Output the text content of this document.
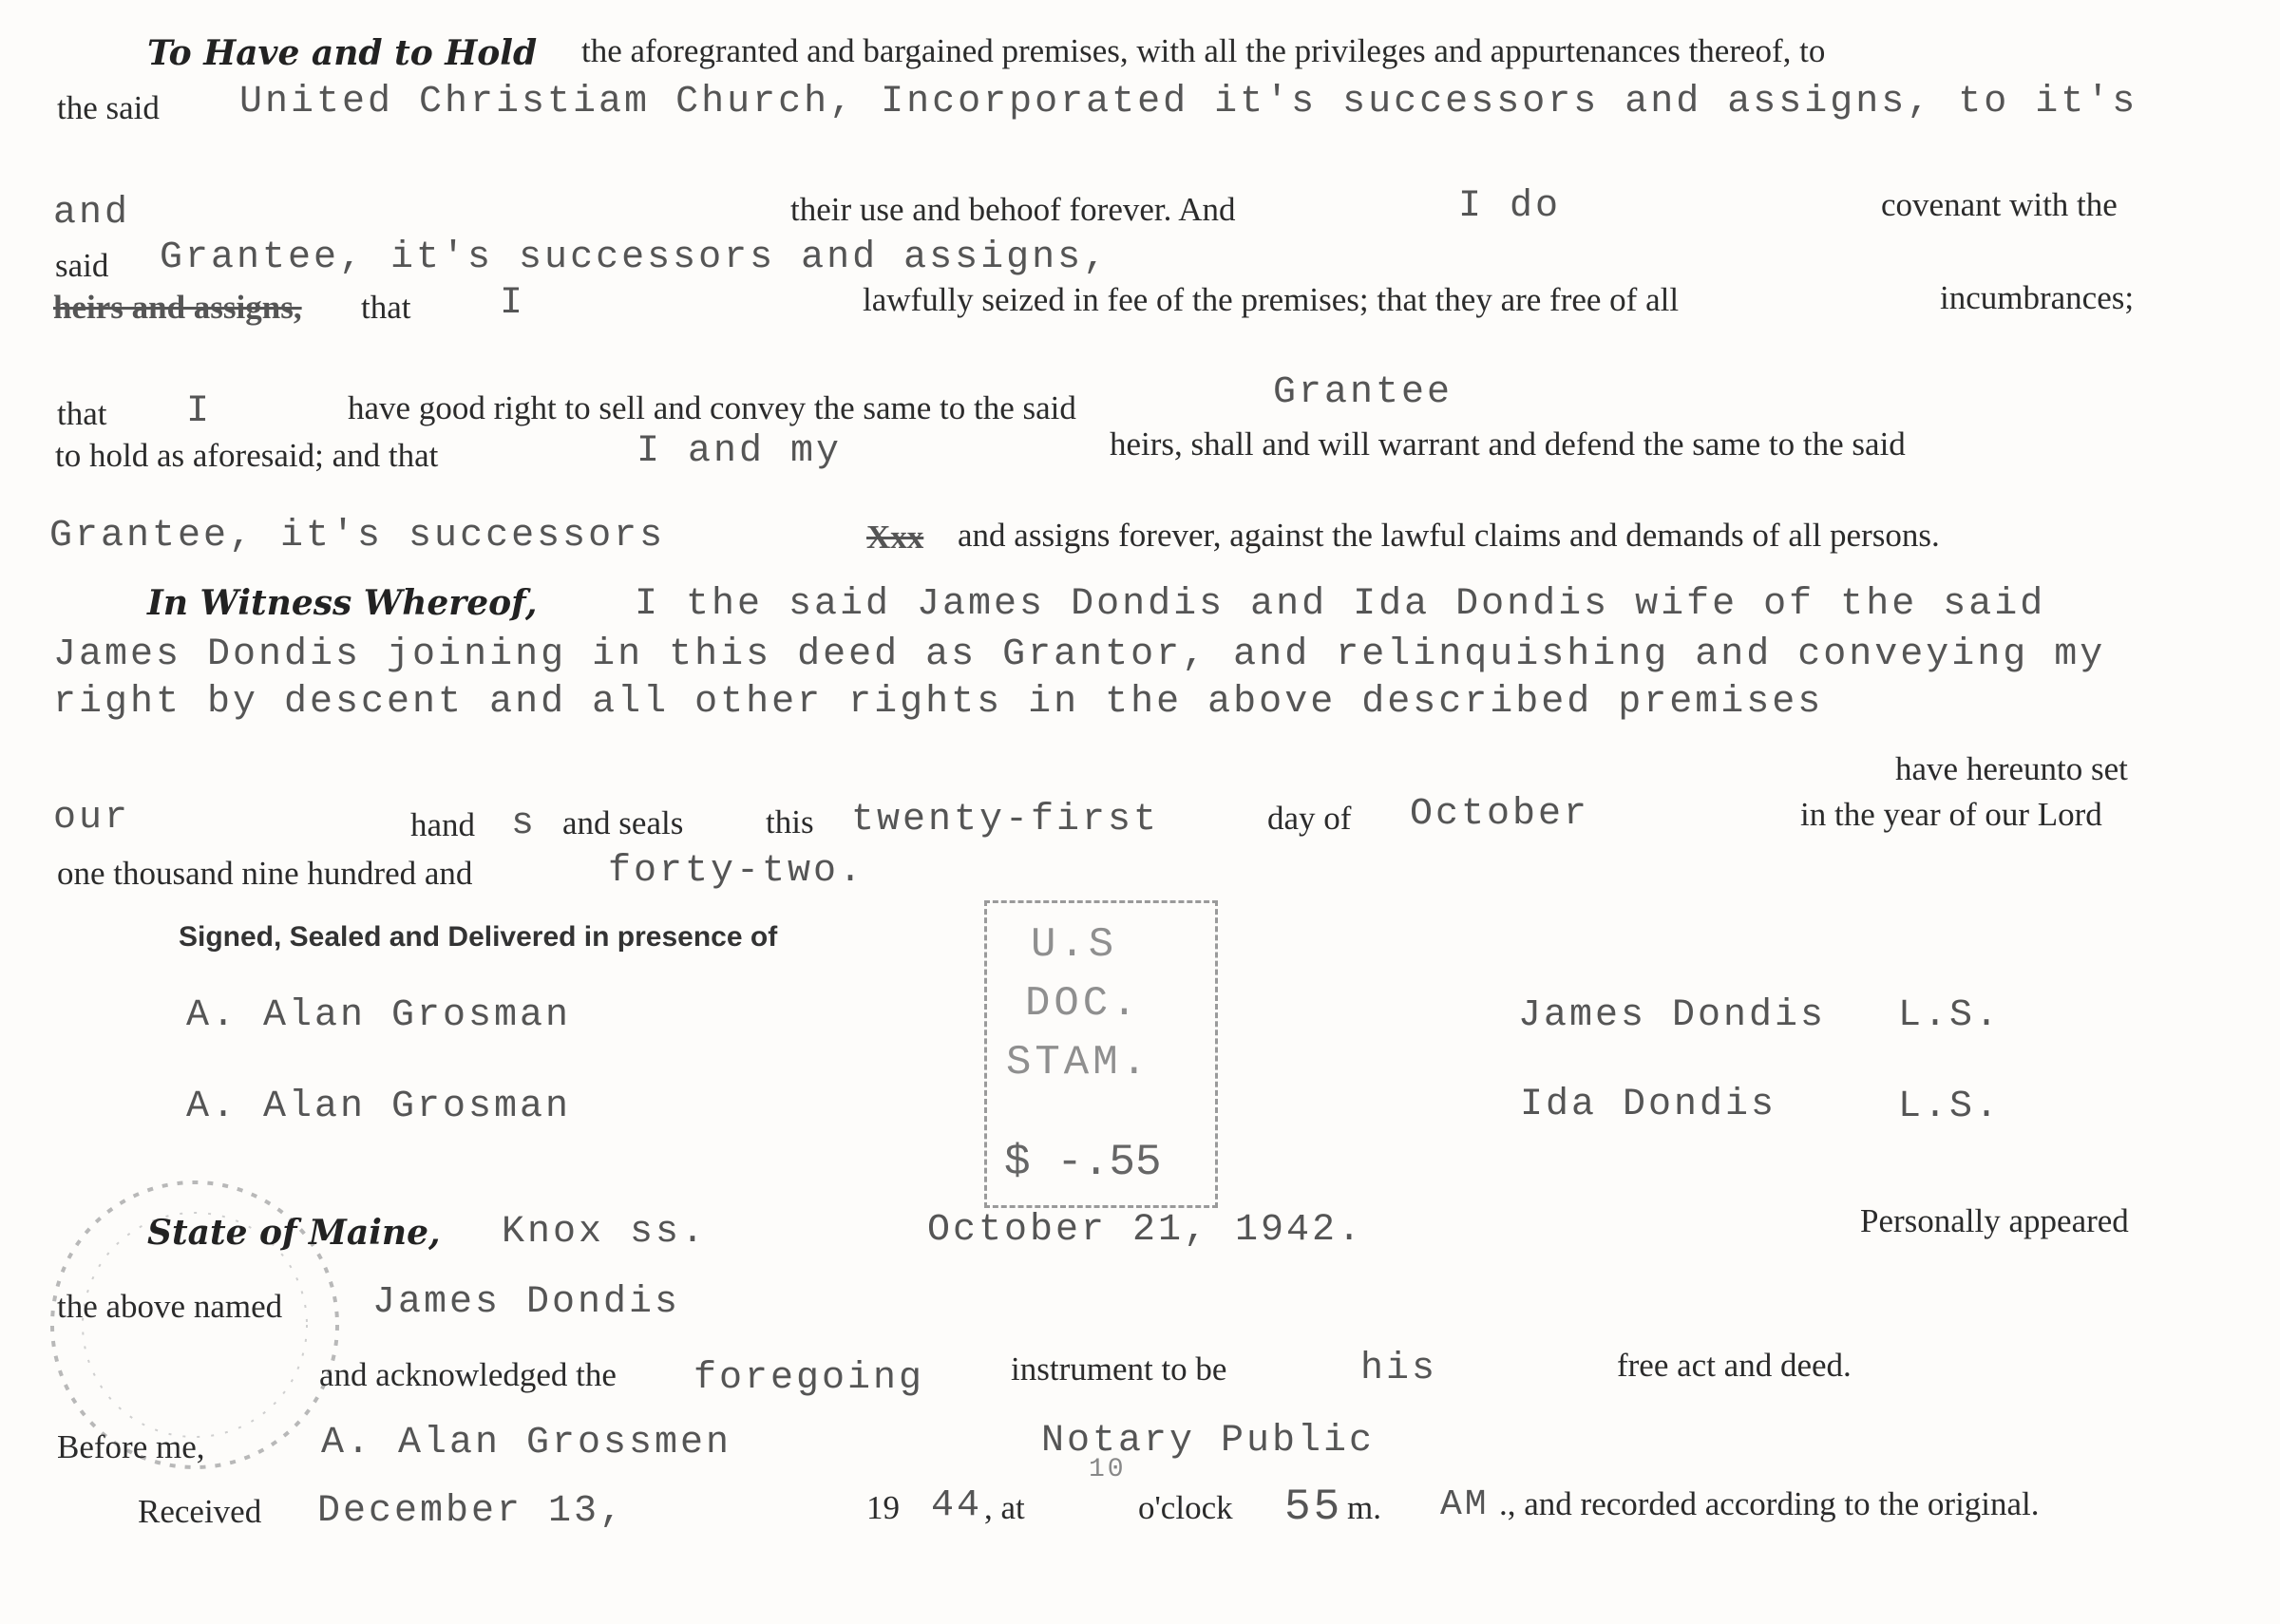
To Have and to Hold the aforegranted and bargained premises, with all the privileges and appurtenances thereof, to
the said United Christiam Church, Incorporated it's successors and assigns, to it's
and	their use and behoof forever. And	I do	covenant with the
said Grantee, it's successors and assigns,
heirs and assigns, that I	lawfully seized in fee of the premises; that they are free of all	incumbrances;
that I	have good right to sell and convey the same to the said	Grantee
to hold as aforesaid; and that	I and my	heirs, shall and will warrant and defend the same to the said
Grantee, it's successors	Xxx and assigns forever, against the lawful claims and demands of all persons.
In Witness Whereof,	I the said James Dondis and Ida Dondis wife of the said
James Dondis joining in this deed as Grantor, and relinquishing and conveying my
right by descent and all other rights in the above described premises
have hereunto set
our	hand s and seals this twenty-first	day of October	in the year of our Lord
one thousand nine hundred and	forty-two.
Signed, Sealed and Delivered in presence of
A. Alan Grosman
A. Alan Grosman
James Dondis L.S.
Ida Dondis	L.S.
U.S
DOC.
STAM.
$ -.55
State of Maine, Knox ss.	October 21, 1942.	Personally appeared
the above named James Dondis
and acknowledged the foregoing	instrument to be	his	free act and deed.
Before me,	A. Alan Grossmen	Notary Public
Received December 13,	19 44 , at
10
o'clock 55 m. AM ., and recorded according to the original.
